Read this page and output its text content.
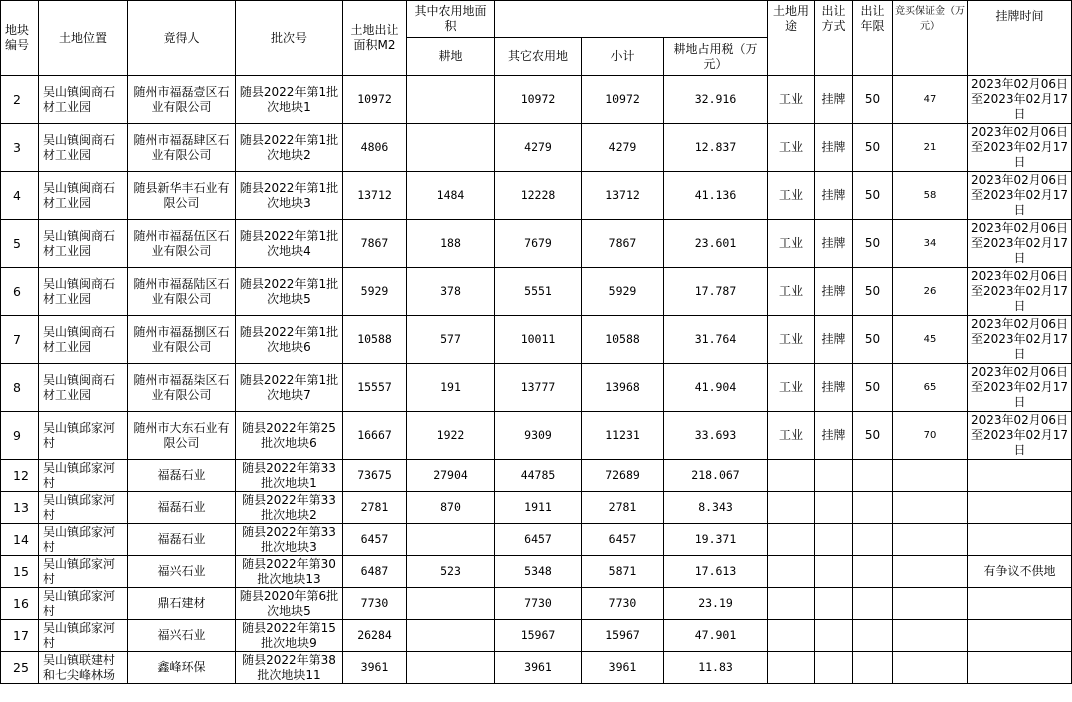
地块编号	土地位置	竟得人	批次号	土地出让面积M2	其中农用地面积				土地用途	出让方式	出让年限	竞买保证金（万元）	挂牌时间
					耕地	其它农用地	小计	耕地占用税（万元）					
2	吴山镇闽商石材工业园	随州市福磊壹区石业有限公司	随县2022年第1批次地块1	10972		10972	10972	32.916	工业	挂牌	50	47	2023年02月06日至2023年02月17日
3	吴山镇闽商石材工业园	随州市福磊肆区石业有限公司	随县2022年第1批次地块2	4806		4279	4279	12.837	工业	挂牌	50	21	2023年02月06日至2023年02月17日
4	吴山镇闽商石材工业园	随县新华丰石业有限公司	随县2022年第1批次地块3	13712	1484	12228	13712	41.136	工业	挂牌	50	58	2023年02月06日至2023年02月17日
5	吴山镇闽商石材工业园	随州市福磊伍区石业有限公司	随县2022年第1批次地块4	7867	188	7679	7867	23.601	工业	挂牌	50	34	2023年02月06日至2023年02月17日
6	吴山镇闽商石材工业园	随州市福磊陆区石业有限公司	随县2022年第1批次地块5	5929	378	5551	5929	17.787	工业	挂牌	50	26	2023年02月06日至2023年02月17日
7	吴山镇闽商石材工业园	随州市福磊捌区石业有限公司	随县2022年第1批次地块6	10588	577	10011	10588	31.764	工业	挂牌	50	45	2023年02月06日至2023年02月17日
8	吴山镇闽商石材工业园	随州市福磊柒区石业有限公司	随县2022年第1批次地块7	15557	191	13777	13968	41.904	工业	挂牌	50	65	2023年02月06日至2023年02月17日
9	吴山镇邱家河村	随州市大东石业有限公司	随县2022年第25批次地块6	16667	1922	9309	11231	33.693	工业	挂牌	50	70	2023年02月06日至2023年02月17日
12	吴山镇邱家河村	福磊石业	随县2022年第33批次地块1	73675	27904	44785	72689	218.067					
13	吴山镇邱家河村	福磊石业	随县2022年第33批次地块2	2781	870	1911	2781	8.343					
14	吴山镇邱家河村	福磊石业	随县2022年第33批次地块3	6457		6457	6457	19.371					
15	吴山镇邱家河村	福兴石业	随县2022年第30批次地块13	6487	523	5348	5871	17.613					有争议不供地
16	吴山镇邱家河村	鼎石建材	随县2020年第6批次地块5	7730		7730	7730	23.19					
17	吴山镇邱家河村	福兴石业	随县2022年第15批次地块9	26284		15967	15967	47.901					
25	吴山镇联建村和七尖峰林场	鑫峰环保	随县2022年第38批次地块11	3961		3961	3961	11.83					
